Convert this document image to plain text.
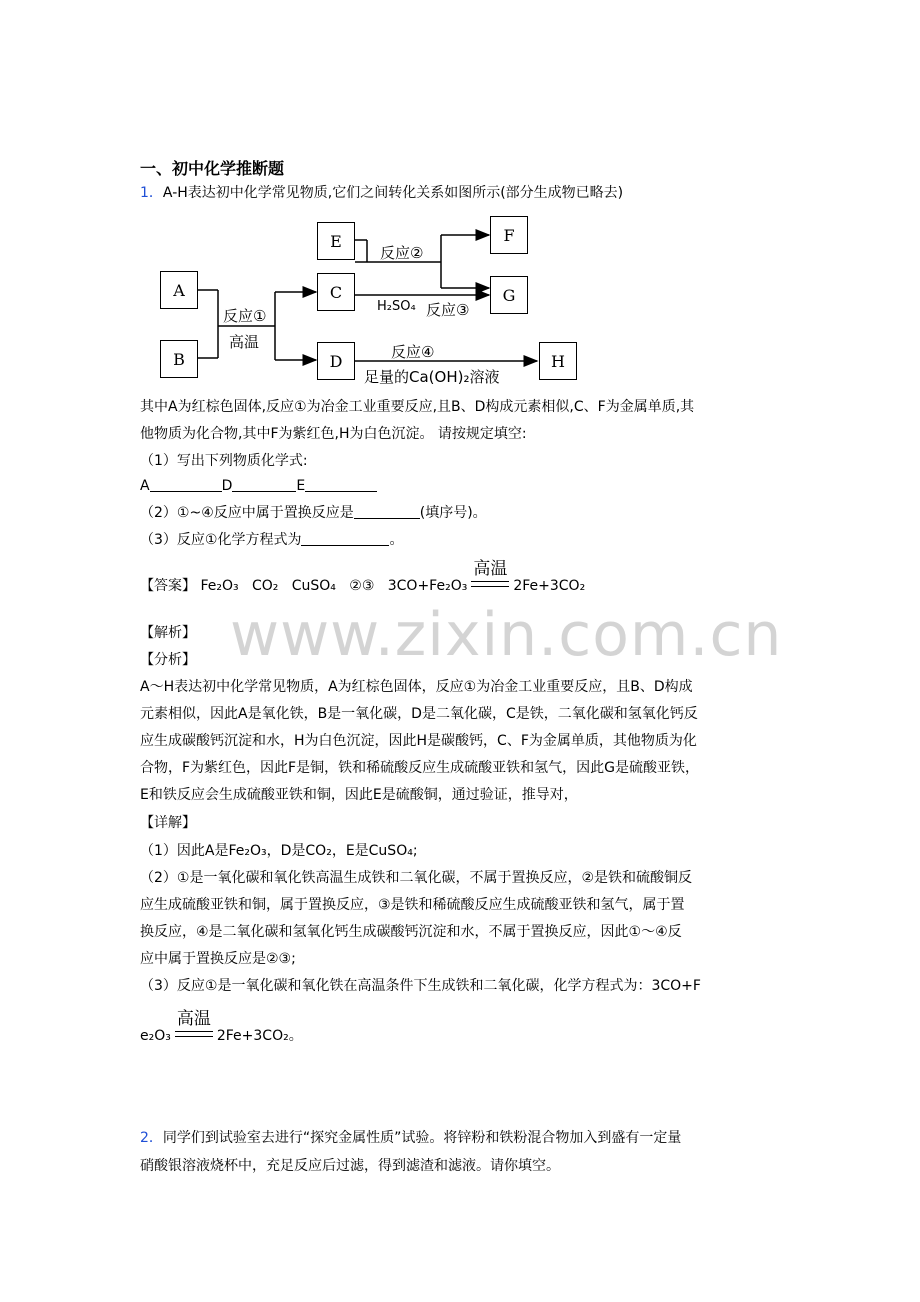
www.zixin.com.cn
一、初中化学推断题
1．A-H表达初中化学常见物质,它们之间转化关系如图所示(部分生成物已略去)
A
B
C
D
E	F
G
H
反应①
高温
反应②
H₂SO₄ 反应③
反应④
足量的Ca(OH)₂溶液
其中A为红棕色固体,反应①为冶金工业重要反应,且B、D构成元素相似,C、F为金属单质,其
他物质为化合物,其中F为紫红色,H为白色沉淀。 请按规定填空:
（1）写出下列物质化学式:
A	D	E
（2）①~④反应中属于置换反应是	(填序号)。
（3）反应①化学方程式为	。
【答案】 Fe₂O₃ CO₂ CuSO₄ ②③ 3CO+Fe₂O₃
高温
2Fe+3CO₂
【解析】
【分析】
A～H表达初中化学常见物质，A为红棕色固体，反应①为冶金工业重要反应，且B、D构成
元素相似，因此A是氧化铁，B是一氧化碳，D是二氧化碳，C是铁，二氧化碳和氢氧化钙反
应生成碳酸钙沉淀和水，H为白色沉淀，因此H是碳酸钙，C、F为金属单质，其他物质为化
合物，F为紫红色，因此F是铜，铁和稀硫酸反应生成硫酸亚铁和氢气，因此G是硫酸亚铁，
E和铁反应会生成硫酸亚铁和铜，因此E是硫酸铜，通过验证，推导对，
【详解】
（1）因此A是Fe₂O₃，D是CO₂，E是CuSO₄;
（2）①是一氧化碳和氧化铁高温生成铁和二氧化碳，不属于置换反应，②是铁和硫酸铜反
应生成硫酸亚铁和铜，属于置换反应，③是铁和稀硫酸反应生成硫酸亚铁和氢气，属于置
换反应，④是二氧化碳和氢氧化钙生成碳酸钙沉淀和水，不属于置换反应，因此①～④反
应中属于置换反应是②③;
（3）反应①是一氧化碳和氧化铁在高温条件下生成铁和二氧化碳，化学方程式为：3CO+F
e₂O₃
高温
2Fe+3CO₂。
2．同学们到试验室去进行“探究金属性质”试验。将锌粉和铁粉混合物加入到盛有一定量
硝酸银溶液烧杯中，充足反应后过滤，得到滤渣和滤液。请你填空。
